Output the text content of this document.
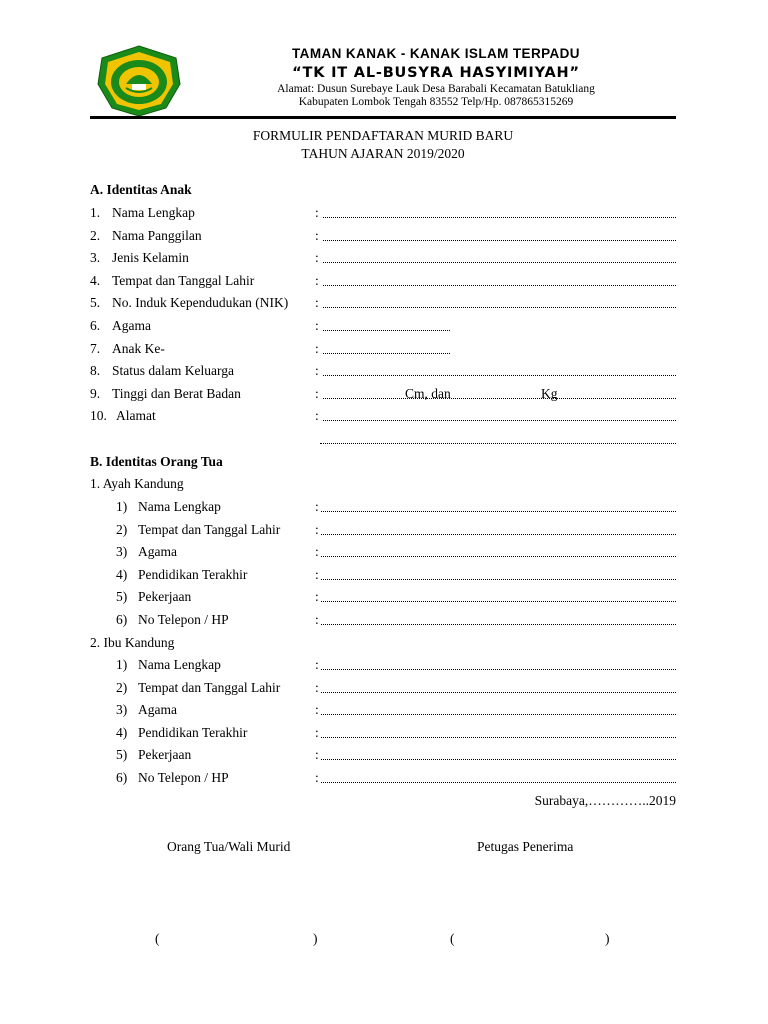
TAMAN KANAK - KANAK ISLAM TERPADU
“TK IT AL-BUSYRA HASYIMIYAH”
Alamat: Dusun Surebaye Lauk Desa Barabali Kecamatan Batukliang
Kabupaten Lombok Tengah 83552 Telp/Hp. 087865315269
FORMULIR PENDAFTARAN MURID BARU
TAHUN AJARAN 2019/2020
A. Identitas Anak
1. Nama Lengkap	:
2. Nama Panggilan	:
3. Jenis Kelamin	:
4. Tempat dan Tanggal Lahir	:
5. No. Induk Kependudukan (NIK) :
6. Agama	:
7. Anak Ke-	:
8. Status dalam Keluarga	:
9. Tinggi dan Berat Badan	:	Cm, dan	Kg
10. Alamat	:
B. Identitas Orang Tua
1. Ayah Kandung
1) Nama Lengkap	:
2) Tempat dan Tanggal Lahir	:
3) Agama	:
4) Pendidikan Terakhir	:
5) Pekerjaan	:
6) No Telepon / HP	:
2. Ibu Kandung
1) Nama Lengkap	:
2) Tempat dan Tanggal Lahir	:
3) Agama	:
4) Pendidikan Terakhir	:
5) Pekerjaan	:
6) No Telepon / HP	:
Surabaya,…………..2019
Orang Tua/Wali Murid	Petugas Penerima
(	)	(	)
